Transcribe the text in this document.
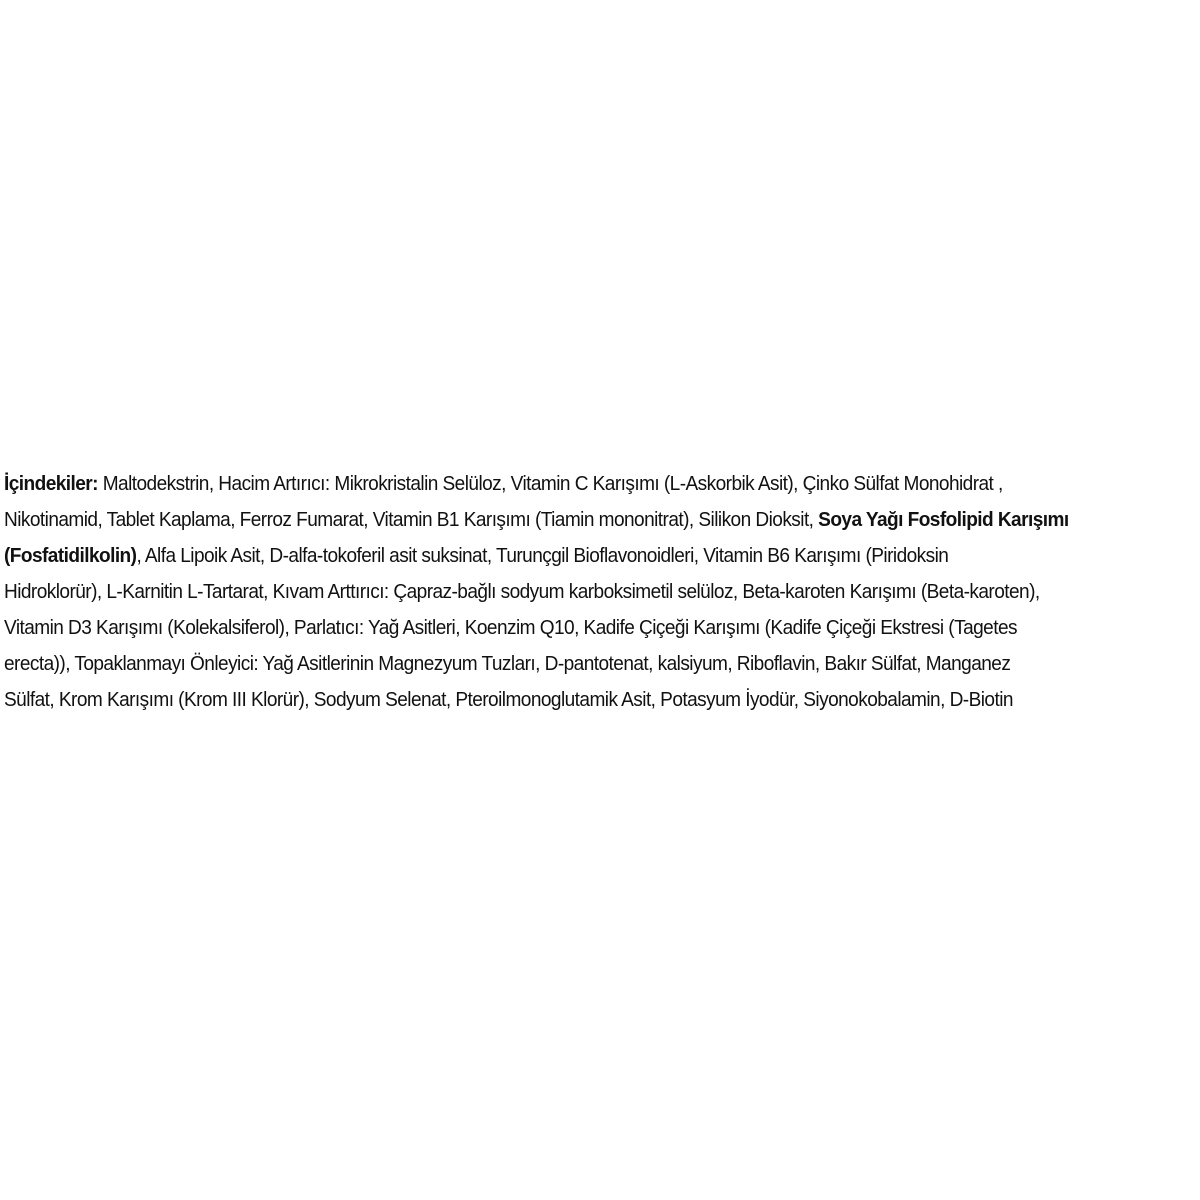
İçindekiler: Maltodekstrin, Hacim Artırıcı: Mikrokristalin Selüloz, Vitamin C Karışımı (L-Askorbik Asit), Çinko Sülfat Monohidrat ,
Nikotinamid, Tablet Kaplama, Ferroz Fumarat, Vitamin B1 Karışımı (Tiamin mononitrat), Silikon Dioksit, Soya Yağı Fosfolipid Karışımı
(Fosfatidilkolin), Alfa Lipoik Asit, D-alfa-tokoferil asit suksinat, Turunçgil Bioflavonoidleri, Vitamin B6 Karışımı (Piridoksin
Hidroklorür), L-Karnitin L-Tartarat, Kıvam Arttırıcı: Çapraz-bağlı sodyum karboksimetil selüloz, Beta-karoten Karışımı (Beta-karoten),
Vitamin D3 Karışımı (Kolekalsiferol), Parlatıcı: Yağ Asitleri, Koenzim Q10, Kadife Çiçeği Karışımı (Kadife Çiçeği Ekstresi (Tagetes
erecta)), Topaklanmayı Önleyici: Yağ Asitlerinin Magnezyum Tuzları, D-pantotenat, kalsiyum, Riboflavin, Bakır Sülfat, Manganez
Sülfat, Krom Karışımı (Krom III Klorür), Sodyum Selenat, Pteroilmonoglutamik Asit, Potasyum İyodür, Siyonokobalamin, D-Biotin
